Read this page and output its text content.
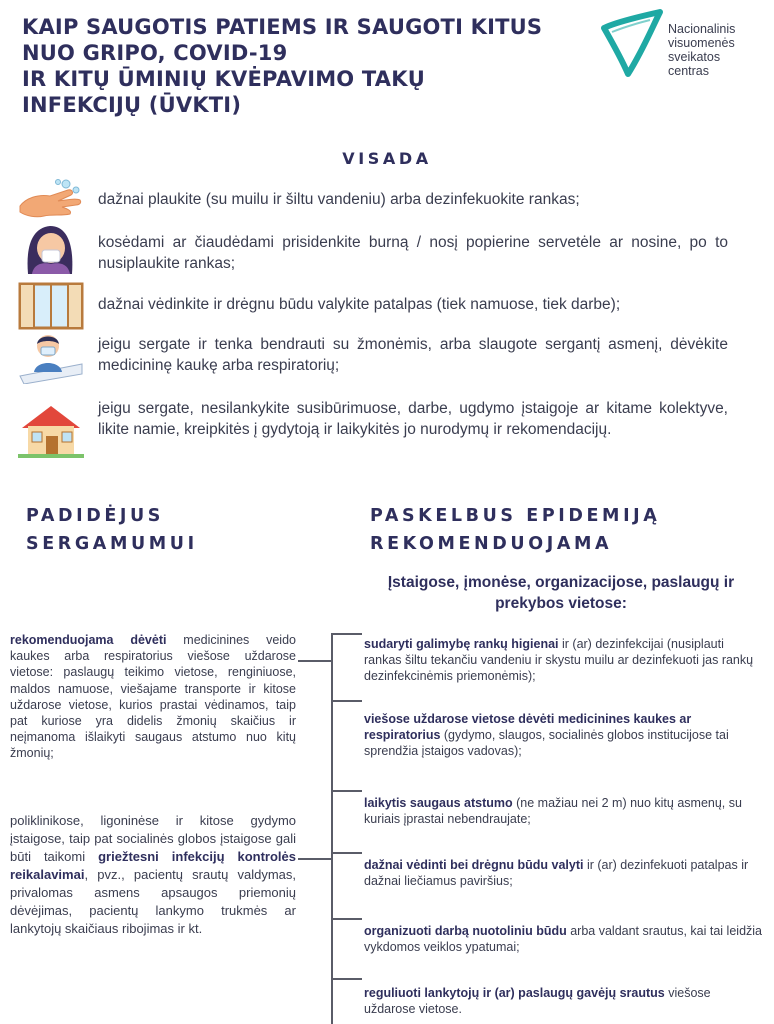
KAIP SAUGOTIS PATIEMS IR SAUGOTI KITUS
NUO GRIPO, COVID-19
IR KITŲ ŪMINIŲ KVĖPAVIMO TAKŲ
INFEKCIJŲ (ŪVKTI)
Nacionalinis
visuomenės
sveikatos
centras
VISADA
dažnai plaukite (su muilu ir šiltu vandeniu) arba dezinfekuokite rankas;
kosėdami ar čiaudėdami prisidenkite burną / nosį popierine servetėle ar nosine, po to nusiplaukite rankas;
dažnai vėdinkite ir drėgnu būdu valykite patalpas (tiek namuose, tiek darbe);
jeigu sergate ir tenka bendrauti su žmonėmis, arba slaugote sergantį asmenį, dėvėkite medicininę kaukę arba respiratorių;
jeigu sergate, nesilankykite susibūrimuose, darbe, ugdymo įstaigoje ar kitame kolektyve, likite namie, kreipkitės į gydytoją ir laikykitės jo nurodymų ir rekomendacijų.
PADIDĖJUS
SERGAMUMUI
PASKELBUS EPIDEMIJĄ
REKOMENDUOJAMA
Įstaigose, įmonėse, organizacijose, paslaugų ir prekybos vietose:
rekomenduojama dėvėti medicinines veido kaukes arba respiratorius viešose uždarose vietose: paslaugų teikimo vietose, renginiuose, maldos namuose, viešajame transporte ir kitose uždarose vietose, kurios prastai vėdinamos, taip pat kuriose yra didelis žmonių skaičius ir neįmanoma išlaikyti saugaus atstumo nuo kitų žmonių;
poliklinikose, ligoninėse ir kitose gydymo įstaigose, taip pat socialinės globos įstaigose gali būti taikomi griežtesni infekcijų kontrolės reikalavimai, pvz., pacientų srautų valdymas, privalomas asmens apsaugos priemonių dėvėjimas, pacientų lankymo trukmės ar lankytojų skaičiaus ribojimas ir kt.
sudaryti galimybę rankų higienai ir (ar) dezinfekcijai (nusiplauti rankas šiltu tekančiu vandeniu ir skystu muilu ar dezinfekuoti jas rankų dezinfekcinėmis priemonėmis);
viešose uždarose vietose dėvėti medicinines kaukes ar respiratorius (gydymo, slaugos, socialinės globos institucijose tai sprendžia įstaigos vadovas);
laikytis saugaus atstumo (ne mažiau nei 2 m) nuo kitų asmenų, su kuriais įprastai nebendraujate;
dažnai vėdinti bei drėgnu būdu valyti ir (ar) dezinfekuoti patalpas ir dažnai liečiamus paviršius;
organizuoti darbą nuotoliniu būdu arba valdant srautus, kai tai leidžia vykdomos veiklos ypatumai;
reguliuoti lankytojų ir (ar) paslaugų gavėjų srautus viešose uždarose vietose.
